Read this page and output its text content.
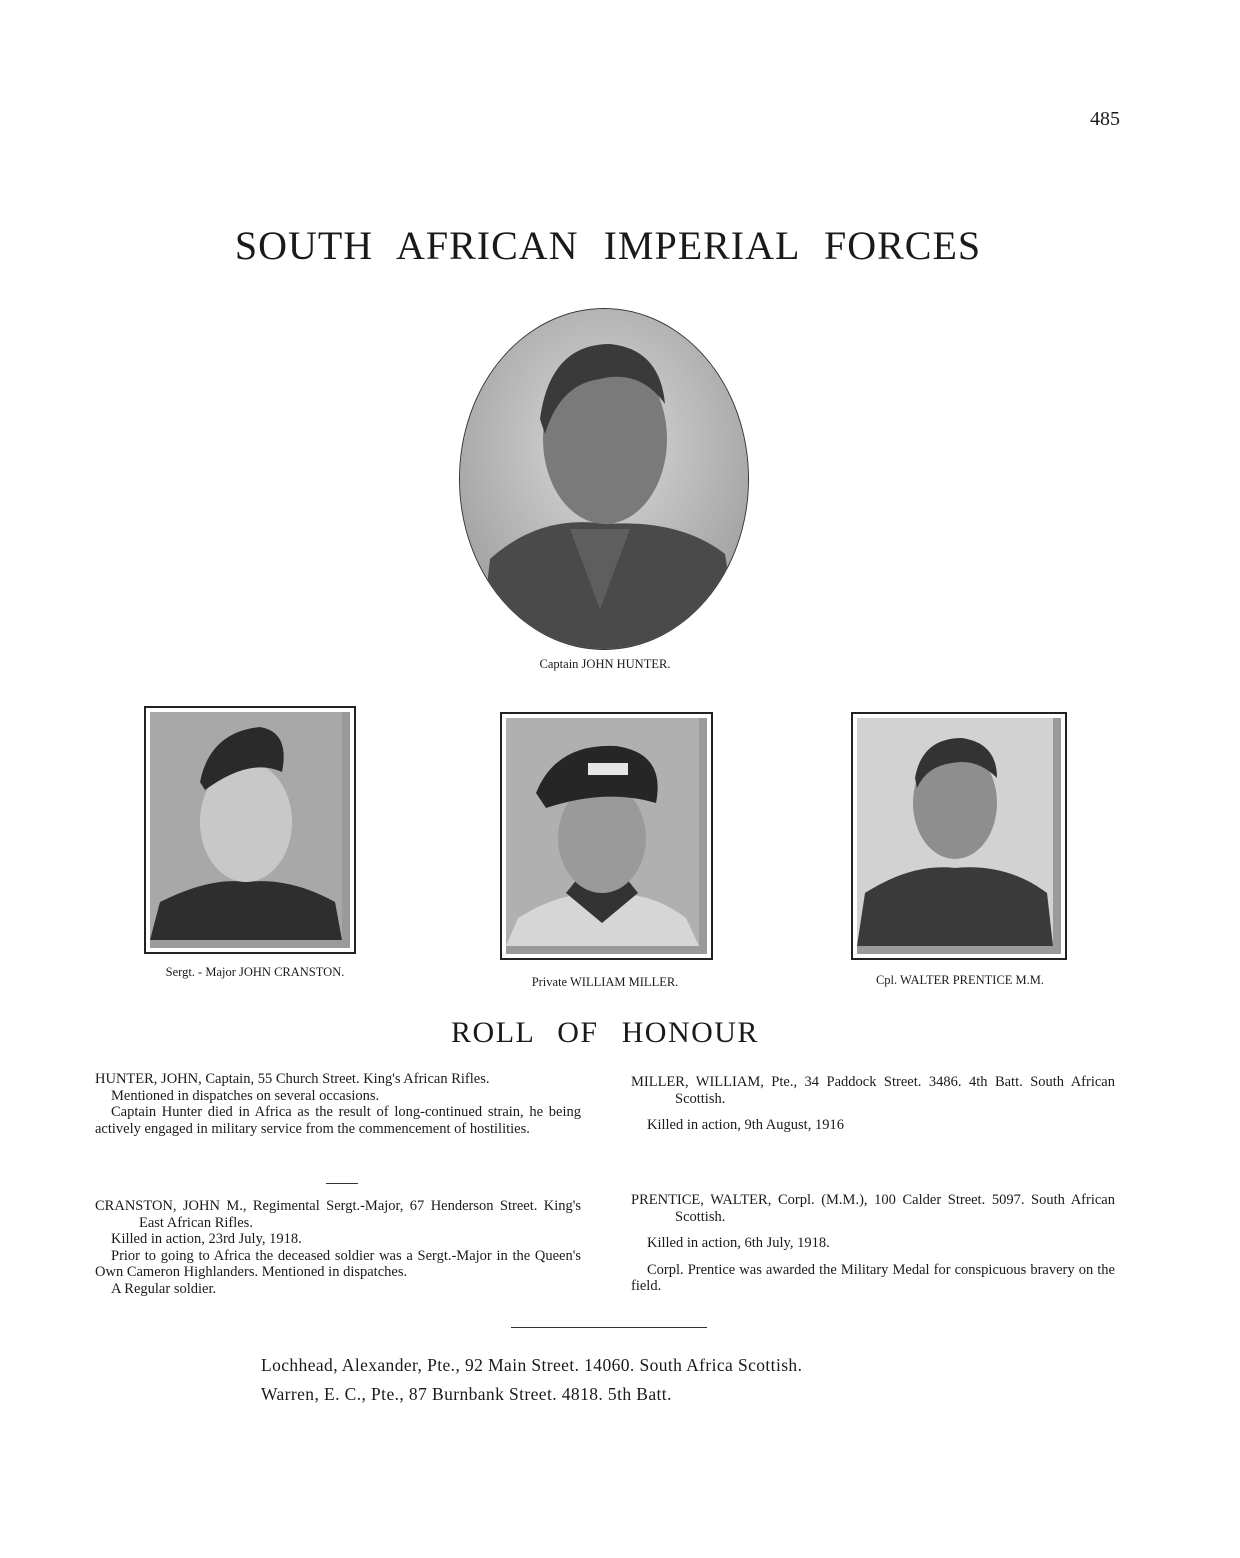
485
SOUTH AFRICAN IMPERIAL FORCES
Captain JOHN HUNTER.
Sergt. - Major JOHN CRANSTON.
Private WILLIAM MILLER.	Cpl. WALTER PRENTICE M.M.
ROLL OF HONOUR

HUNTER, JOHN, Captain, 55 Church Street. King's African Rifles.

Mentioned in dispatches on several occasions.

Captain Hunter died in Africa as the result of long-continued strain, he being actively engaged in military service from the commencement of hostilities.

CRANSTON, JOHN M., Regimental Sergt.-Major, 67 Henderson Street. King's East African Rifles.

Killed in action, 23rd July, 1918.

Prior to going to Africa the deceased soldier was a Sergt.-Major in the Queen's Own Cameron Highlanders. Mentioned in dispatches.

A Regular soldier.

MILLER, WILLIAM, Pte., 34 Paddock Street. 3486. 4th Batt. South African Scottish.

Killed in action, 9th August, 1916

PRENTICE, WALTER, Corpl. (M.M.), 100 Calder Street. 5097. South African Scottish.

Killed in action, 6th July, 1918.

Corpl. Prentice was awarded the Military Medal for conspicuous bravery on the field.

Lochhead, Alexander, Pte., 92 Main Street. 14060. South Africa Scottish.
Warren, E. C., Pte., 87 Burnbank Street. 4818. 5th Batt.
